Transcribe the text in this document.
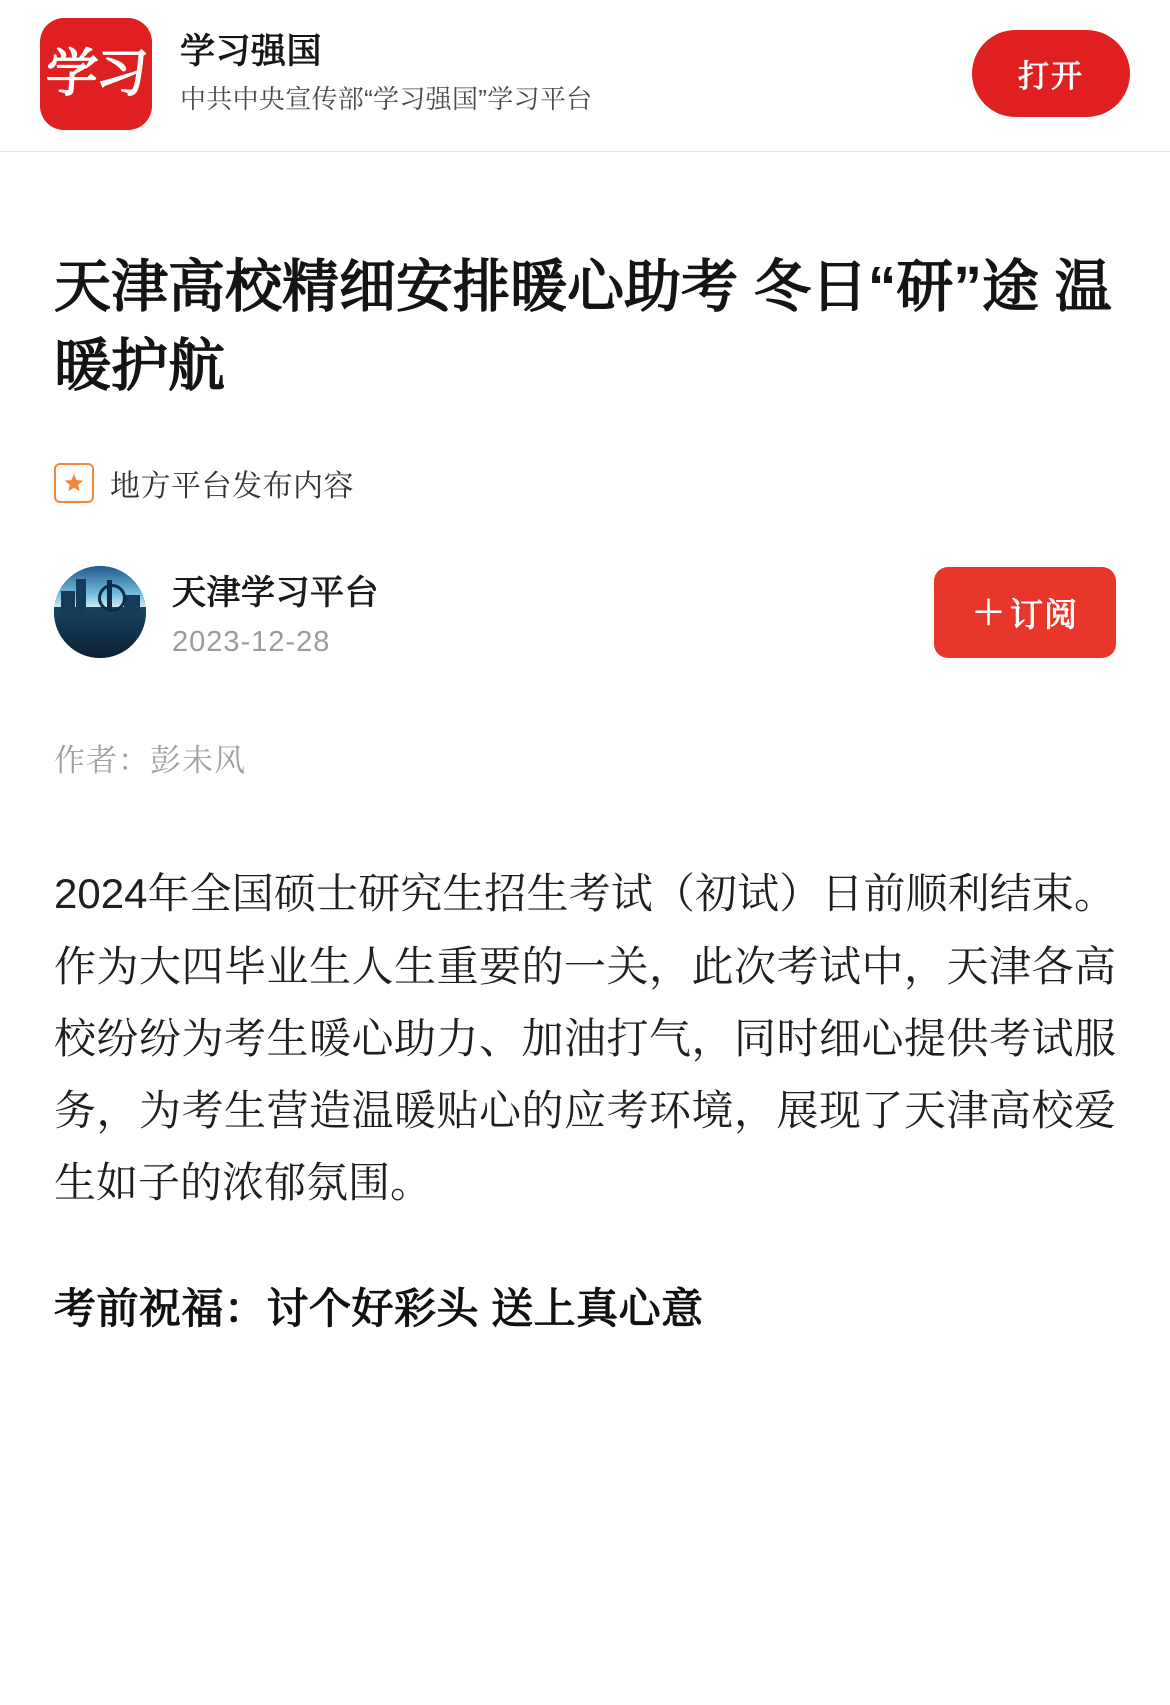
学习 学习强国
中共中央宣传部“学习强国”学习平台
打开
天津高校精细安排暖心助考 冬日“研”途 温暖护航
地方平台发布内容
天津学习平台
2023-12-28
＋ 订阅
作者：彭未风

2024年全国硕士研究生招生考试（初试）日前顺利结束。作为大四毕业生人生重要的一关，此次考试中，天津各高校纷纷为考生暖心助力、加油打气，同时细心提供考试服务，为考生营造温暖贴心的应考环境，展现了天津高校爱生如子的浓郁氛围。

考前祝福：讨个好彩头 送上真心意
